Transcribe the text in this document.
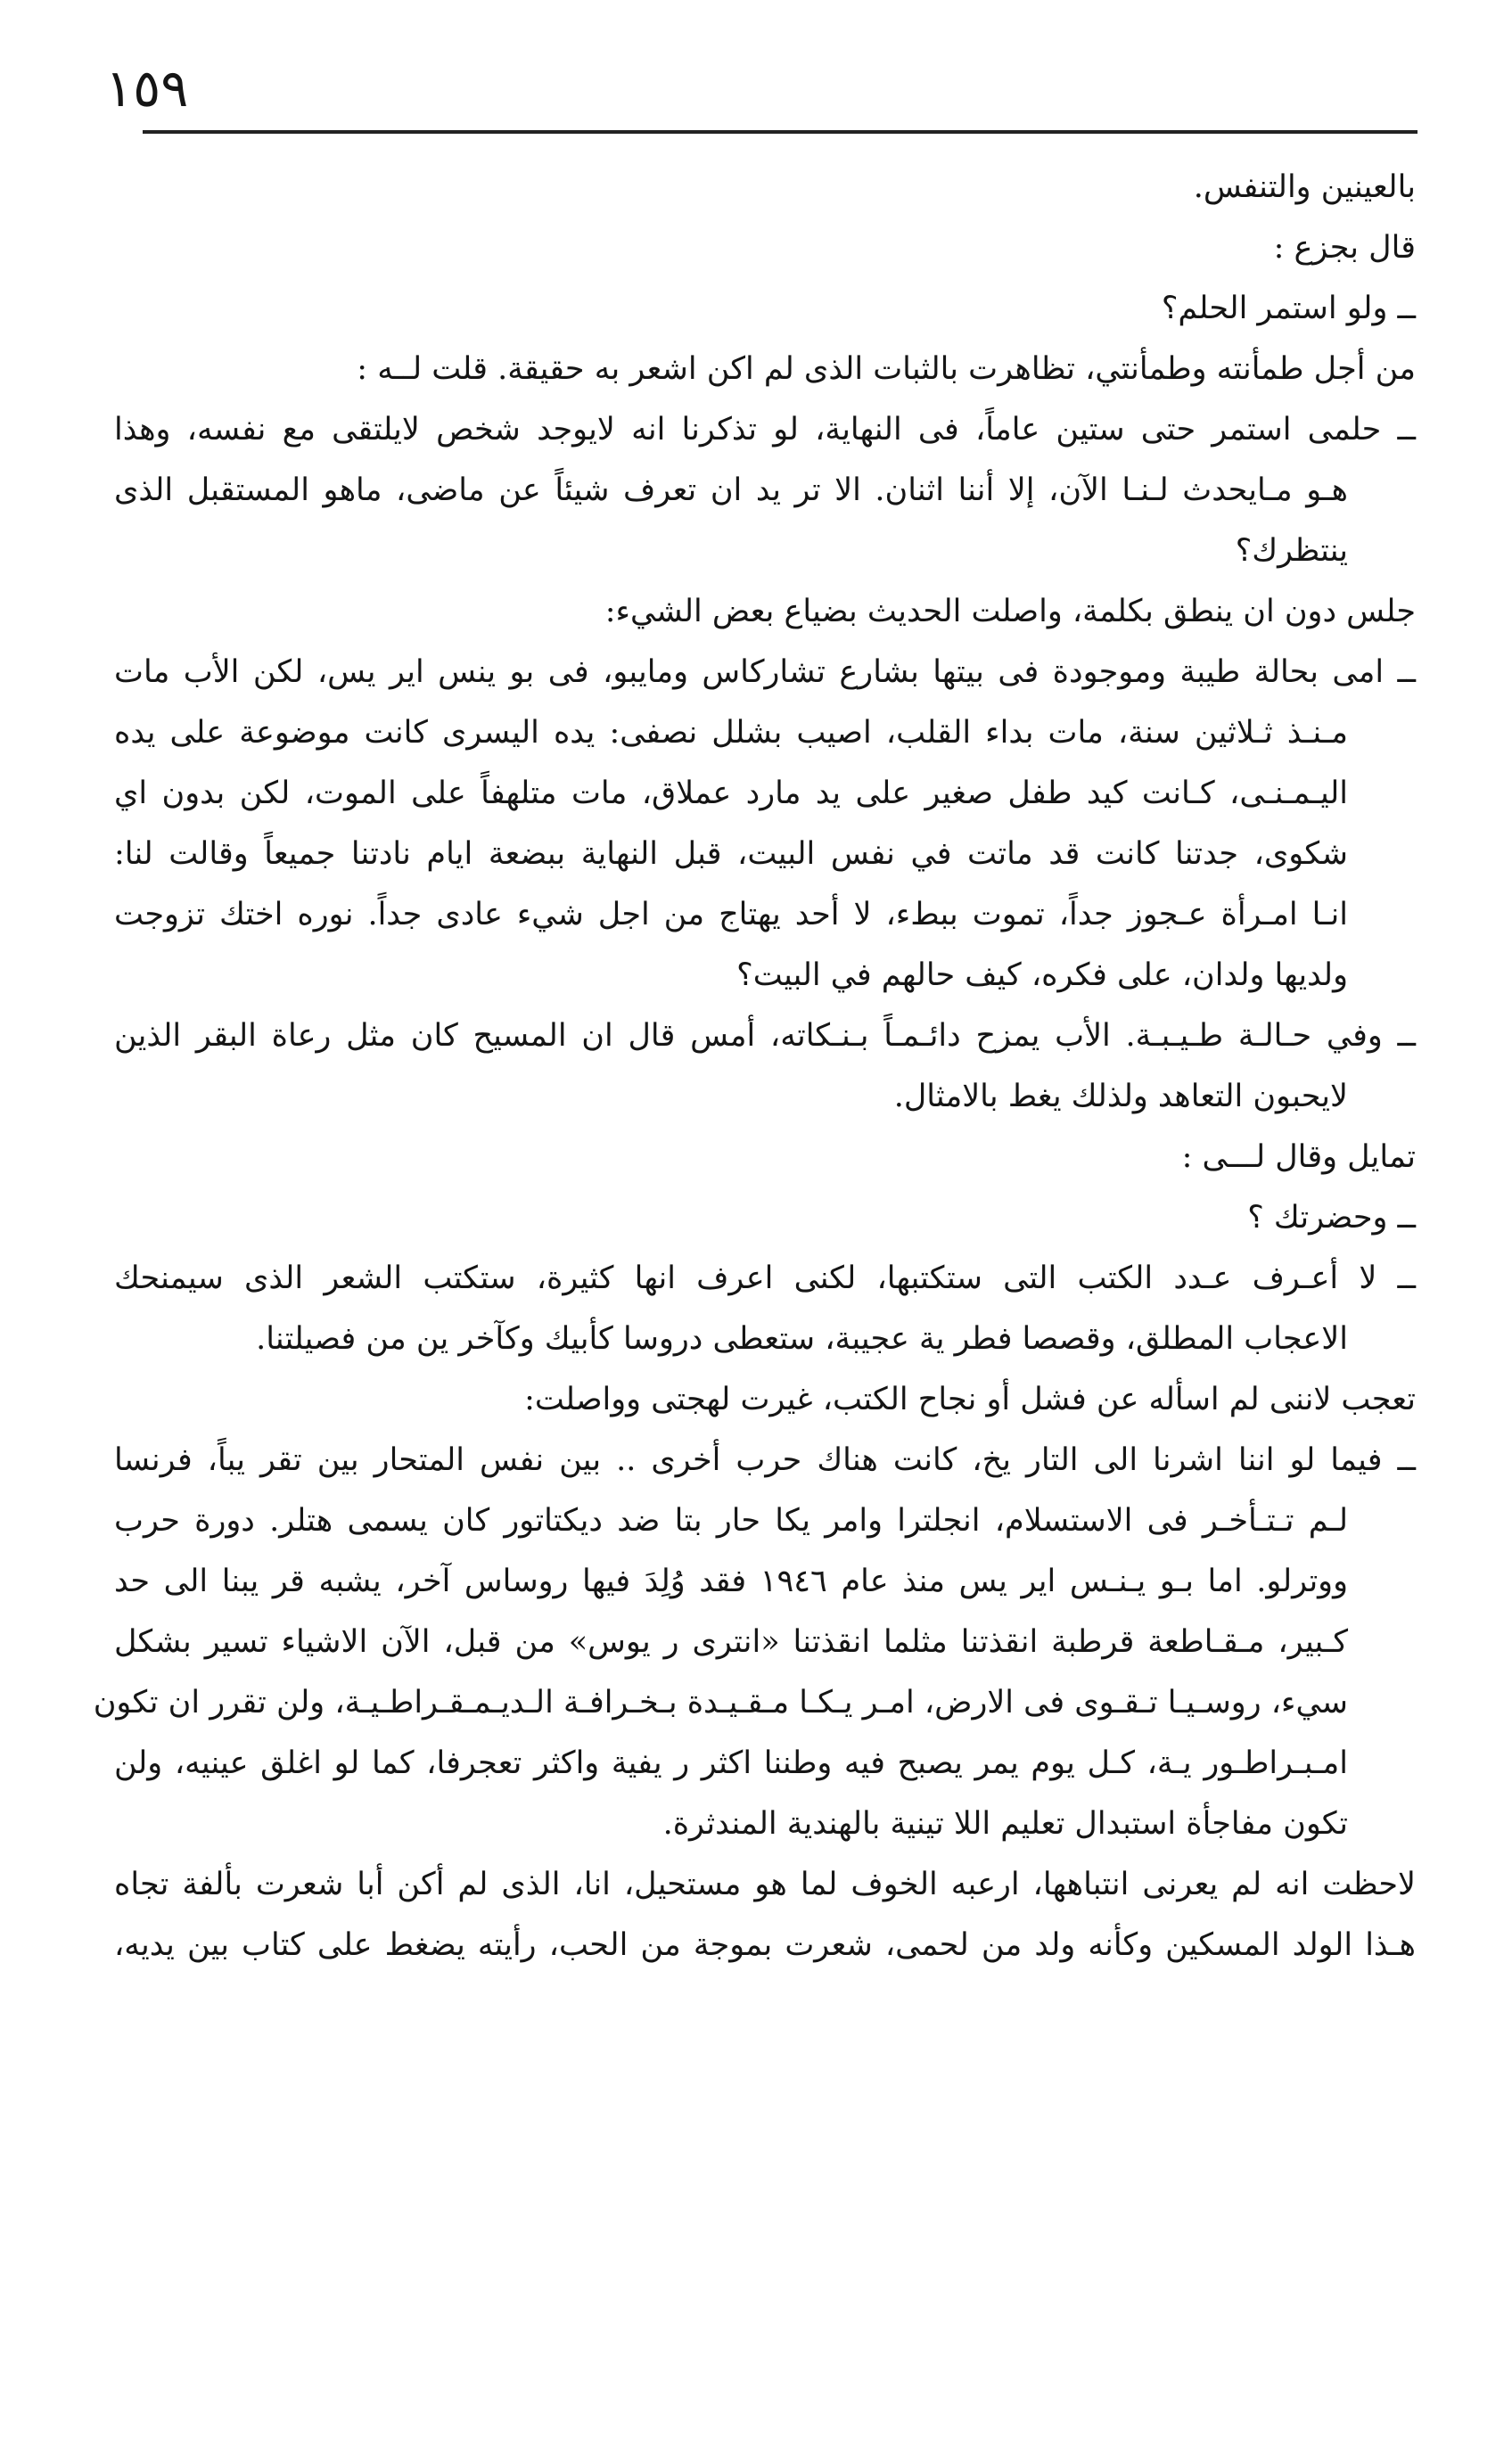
١٥٩
بالعينين والتنفس.
قال بجزع :
ــ ولو استمر الحلم؟
من أجل طمأنته وطمأنتي، تظاهرت بالثبات الذى لم اكن اشعر به حقيقة. قلت لــه :
ــ حلمى استمر حتى ستين عاماً، فى النهاية، لو تذكرنا انه لايوجد شخص لايلتقى مع نفسه، وهذا
هـو مـايحدث لـنـا الآن، إلا أننا اثنان. الا تر يد ان تعرف شيئاً عن ماضى، ماهو المستقبل الذى
ينتظرك؟
جلس دون ان ينطق بكلمة، واصلت الحديث بضياع بعض الشيء:
ــ امى بحالة طيبة وموجودة فى بيتها بشارع تشاركاس ومايبو، فى بو ينس اير يس، لكن الأب مات
مـنـذ ثـلاثين سنة، مات بداء القلب، اصيب بشلل نصفى: يده اليسرى كانت موضوعة على يده
اليـمـنـى، كـانت كيد طفل صغير على يد مارد عملاق، مات متلهفاً على الموت، لكن بدون اي
شكوى، جدتنا كانت قد ماتت في نفس البيت، قبل النهاية ببضعة ايام نادتنا جميعاً وقالت لنا:
انـا امـرأة عـجوز جداً، تموت ببطء، لا أحد يهتاج من اجل شيء عادى جداً. نوره اختك تزوجت
ولديها ولدان، على فكره، كيف حالهم في البيت؟
ــ وفي حـالـة طـيـبـة. الأب يمزح دائـمـاً بـنـكاته، أمس قال ان المسيح كان مثل رعاة البقر الذين
لايحبون التعاهد ولذلك يغط بالامثال.
تمايل وقال لـــى :
ــ وحضرتك ؟
ــ لا أعـرف عـدد الكتب التى ستكتبها، لكنى اعرف انها كثيرة، ستكتب الشعر الذى سيمنحك
الاعجاب المطلق، وقصصا فطر ية عجيبة، ستعطى دروسا كأبيك وكآخر ين من فصيلتنا.
تعجب لاننى لم اسأله عن فشل أو نجاح الكتب، غيرت لهجتى وواصلت:
ــ فيما لو اننا اشرنا الى التار يخ، كانت هناك حرب أخرى .. بين نفس المتحار بين تقر يباً، فرنسا
لـم تـتـأخـر فى الاستسلام، انجلترا وامر يكا حار بتا ضد ديكتاتور كان يسمى هتلر. دورة حرب
ووترلو. اما بـو يـنـس اير يس منذ عام ١٩٤٦ فقد وُلِدَ فيها روساس آخر، يشبه قر يبنا الى حد
كـبير، مـقـاطعة قرطبة انقذتنا مثلما انقذتنا «انترى ر يوس» من قبل، الآن الاشياء تسير بشكل
سيء، روسـيـا تـقـوى فى الارض، امـر يـكـا مـقـيـدة بـخـرافـة الـديـمـقـراطـيـة، ولن تقرر ان تكون
امـبـراطـور يـة، كـل يوم يمر يصبح فيه وطننا اكثر ر يفية واكثر تعجرفا، كما لو اغلق عينيه، ولن
تكون مفاجأة استبدال تعليم اللا تينية بالهندية المندثرة.
لاحظت انه لم يعرنى انتباهها، ارعبه الخوف لما هو مستحيل، انا، الذى لم أكن أبا شعرت بألفة تجاه
هـذا الولد المسكين وكأنه ولد من لحمى، شعرت بموجة من الحب، رأيته يضغط على كتاب بين يديه،
